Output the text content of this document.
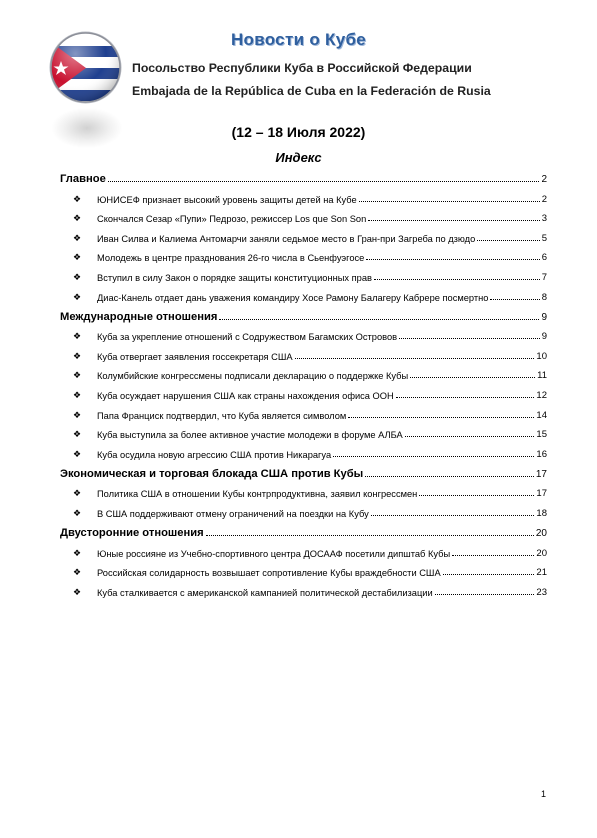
Новости о Кубе
Посольство Республики Куба в Российской Федерации
Embajada de la República de Cuba en la Federación de Rusia
(12 – 18 Июля 2022)
Индекс
Главное	2
❖	ЮНИСЕФ признает высокий уровень защиты детей на Кубе	2
❖	Скончался Сезар «Пупи» Педрозо, режиссер Los que Son Son	3
❖	Иван Силва и Калиема Антомарчи заняли седьмое место в Гран-при Загреба по дзюдо	5
❖	Молодежь в центре празднования 26-го числа в Сьенфуэгосе	6
❖	Вступил в силу Закон о порядке защиты конституционных прав	7
❖	Диас-Канель отдает дань уважения командиру Хосе Рамону Балагеру Кабрере посмертно	8
Международные отношения	9
❖	Куба за укрепление отношений с Содружеством Багамских Островов	9
❖	Куба отвергает заявления госсекретаря США	10
❖	Колумбийские конгрессмены подписали декларацию о поддержке Кубы	11
❖	Куба осуждает нарушения США как страны нахождения офиса ООН	12
❖	Папа Франциск подтвердил, что Куба является символом	14
❖	Куба выступила за более активное участие молодежи в форуме АЛБА	15
❖	Куба осудила новую агрессию США против Никарагуа	16
Экономическая и торговая блокада США против Кубы	17
❖	Политика США в отношении Кубы контрпродуктивна, заявил конгрессмен	17
❖	В США поддерживают отмену ограничений на поездки на Кубу	18
Двусторонние отношения	20
❖	Юные россияне из Учебно-спортивного центра ДОСААФ посетили дипштаб Кубы	20
❖	Российская солидарность возвышает сопротивление Кубы враждебности США	21
❖	Куба сталкивается с американской кампанией политической дестабилизации	23
1
